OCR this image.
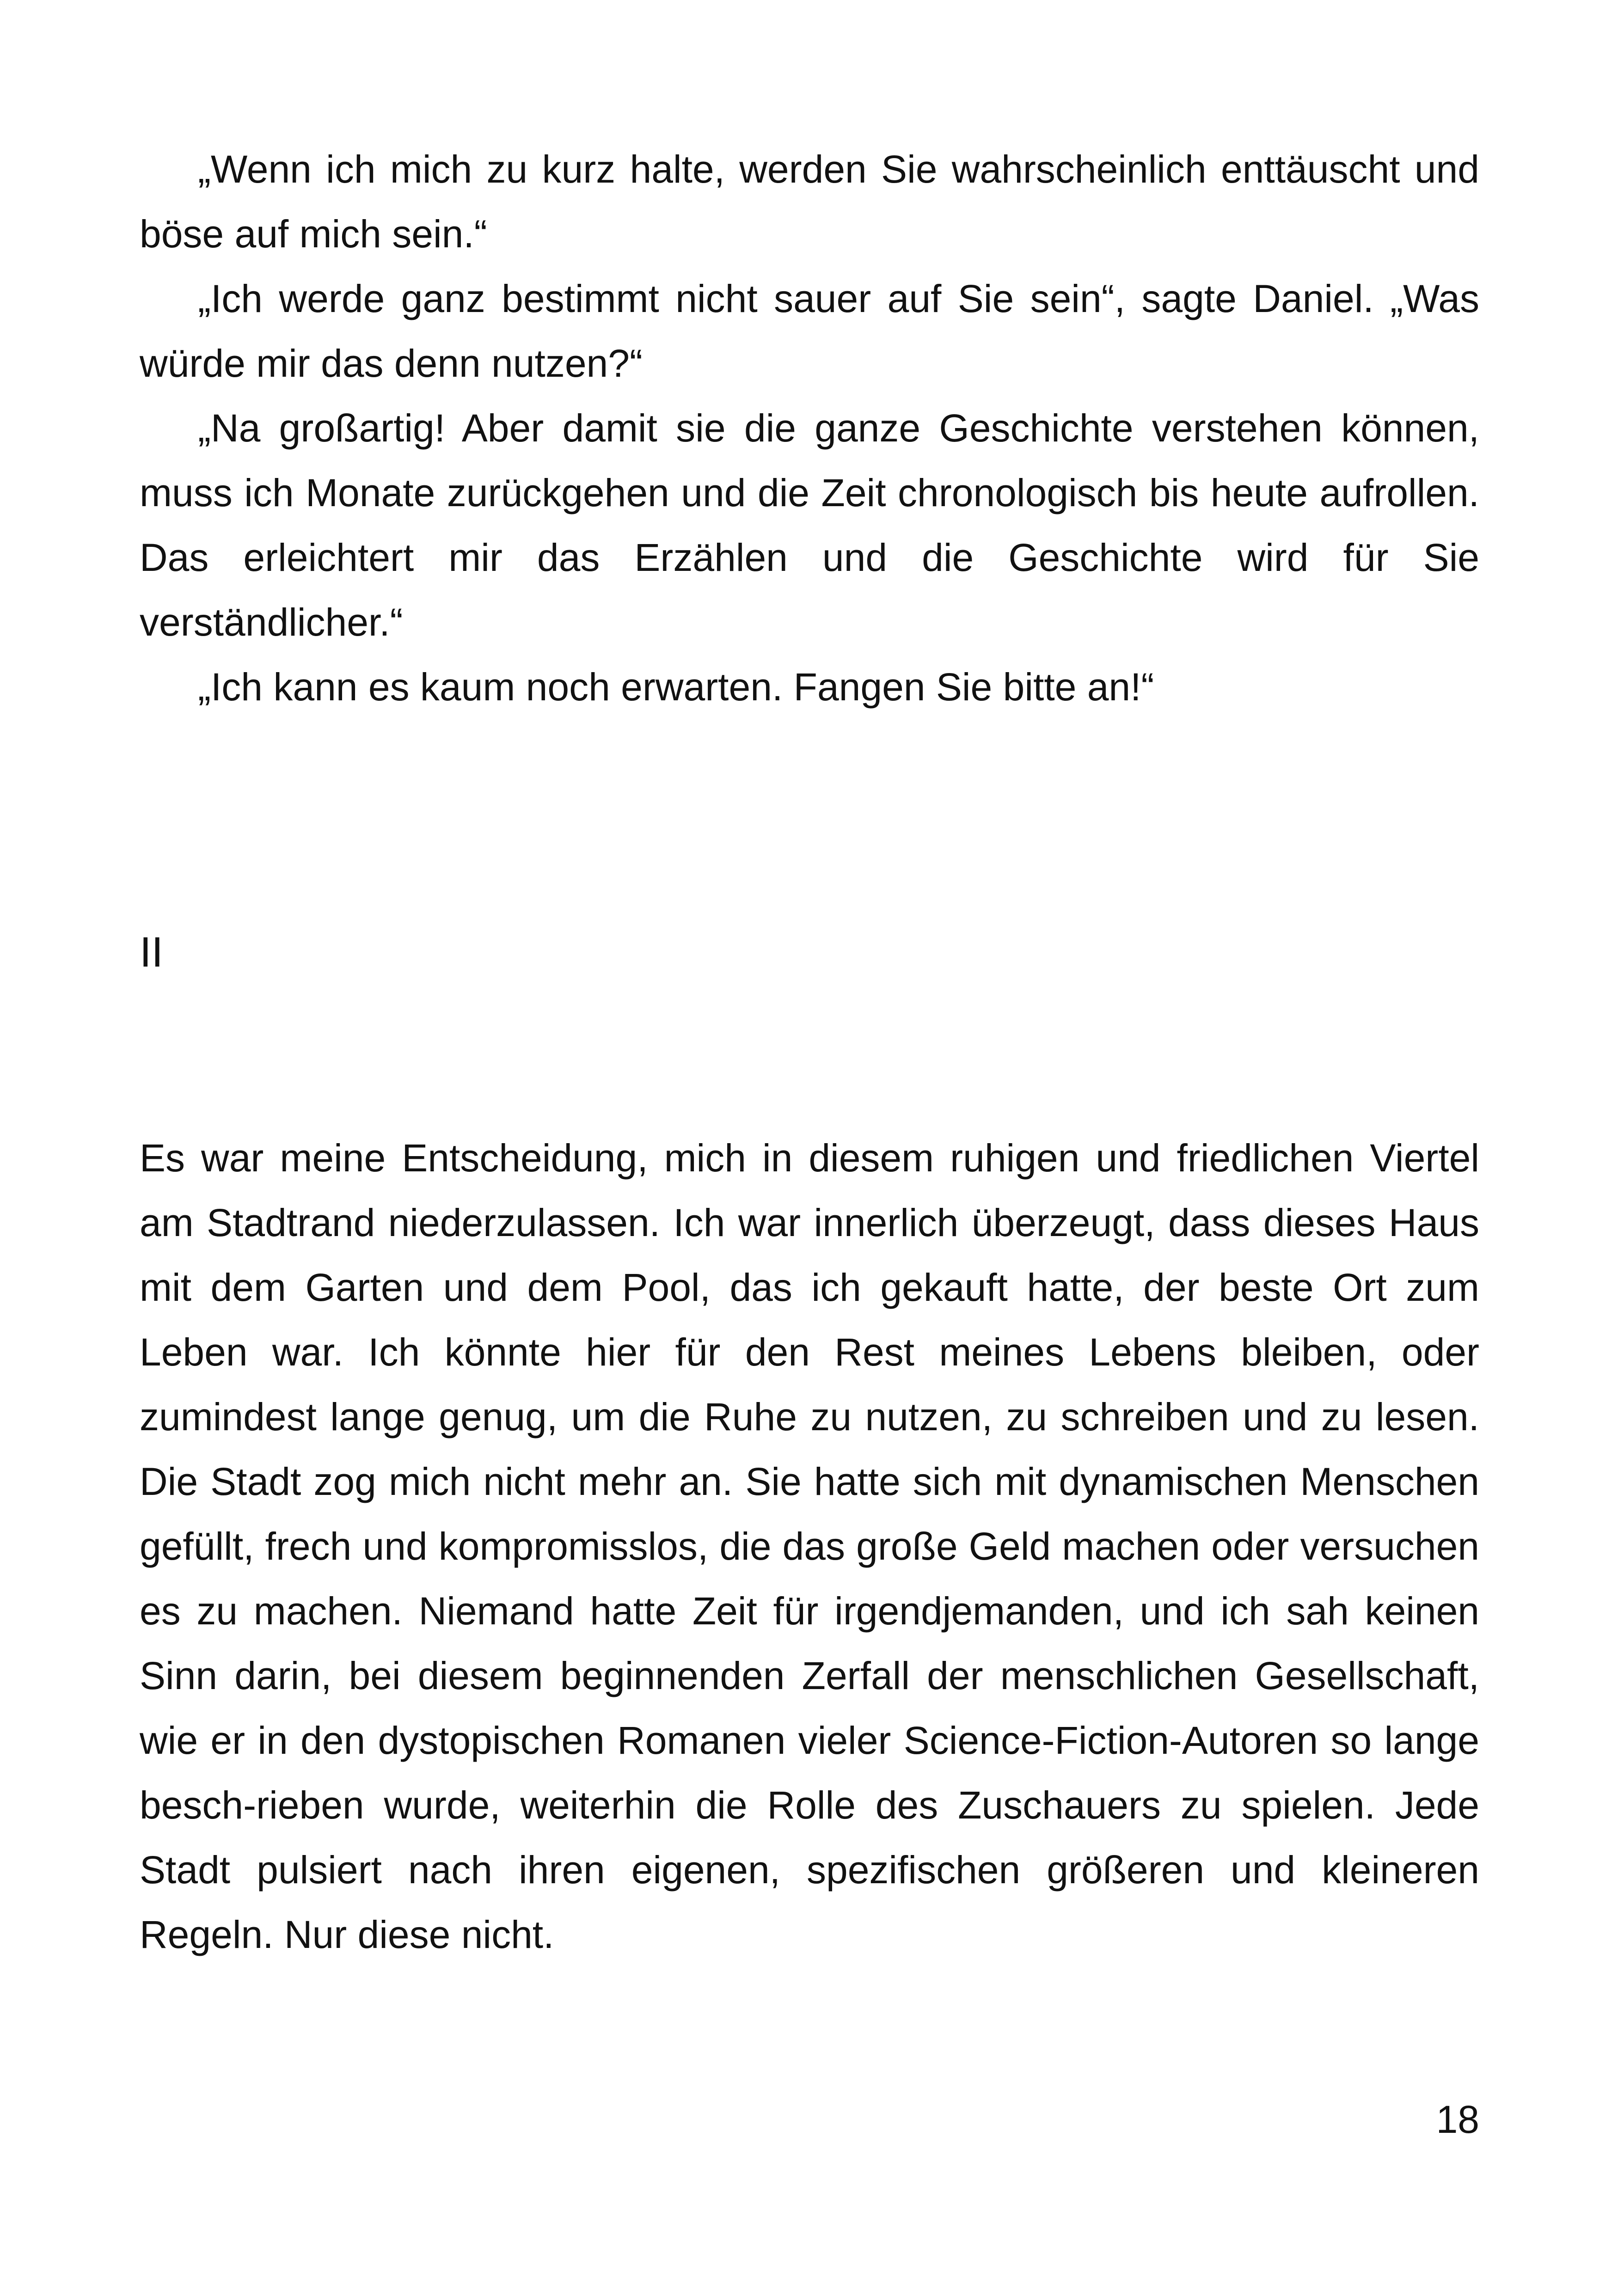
„Wenn ich mich zu kurz halte, werden Sie wahrscheinlich enttäuscht und böse auf mich sein.“

„Ich werde ganz bestimmt nicht sauer auf Sie sein“, sagte Daniel. „Was würde mir das denn nutzen?“

„Na großartig! Aber damit sie die ganze Geschichte verstehen können, muss ich Monate zurückgehen und die Zeit chronologisch bis heute aufrollen. Das erleichtert mir das Erzählen und die Geschichte wird für Sie verständlicher.“

„Ich kann es kaum noch erwarten. Fangen Sie bitte an!“

II

Es war meine Entscheidung, mich in diesem ruhigen und friedlichen Viertel am Stadtrand niederzulassen. Ich war innerlich überzeugt, dass dieses Haus mit dem Garten und dem Pool, das ich gekauft hatte, der beste Ort zum Leben war. Ich könnte hier für den Rest meines Lebens bleiben, oder zumindest lange genug, um die Ruhe zu nutzen, zu schreiben und zu lesen. Die Stadt zog mich nicht mehr an. Sie hatte sich mit dynamischen Menschen gefüllt, frech und kompromisslos, die das große Geld machen oder versuchen es zu machen. Niemand hatte Zeit für irgendjemanden, und ich sah keinen Sinn darin, bei diesem beginnenden Zerfall der menschlichen Gesellschaft, wie er in den dystopischen Romanen vieler Science-Fiction-Autoren so lange besch-rieben wurde, weiterhin die Rolle des Zuschauers zu spielen. Jede Stadt pulsiert nach ihren eigenen, spezifischen größeren und kleineren Regeln. Nur diese nicht.

18
